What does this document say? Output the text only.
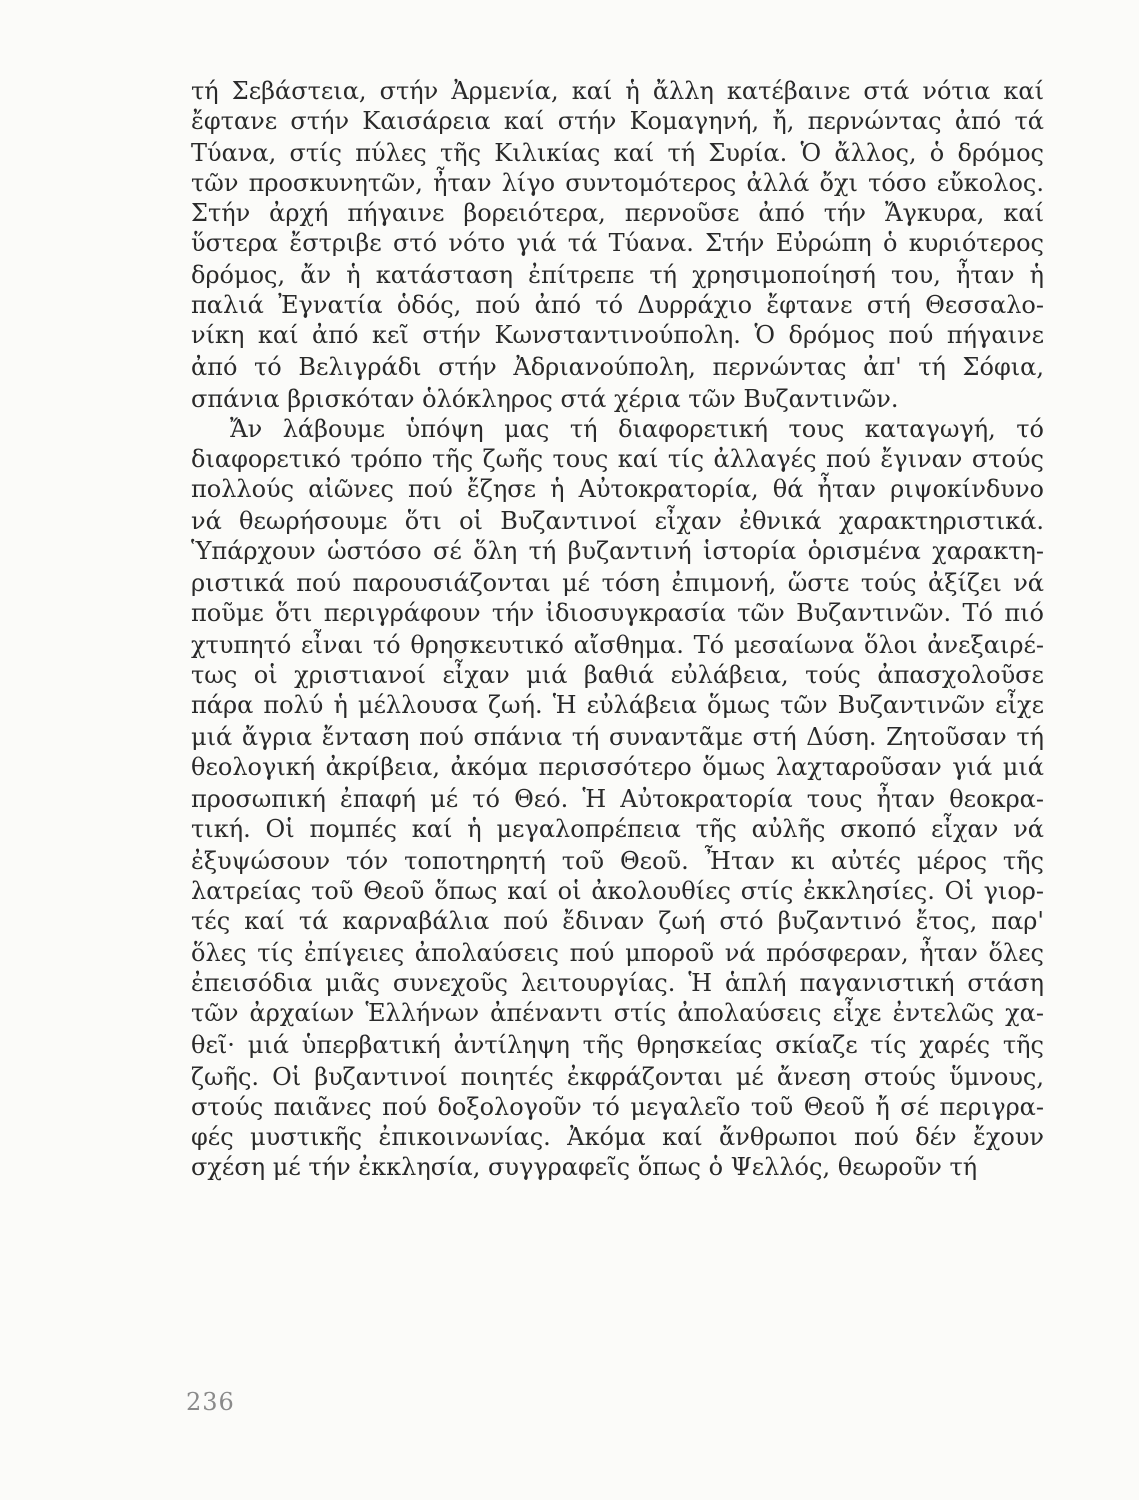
τή Σεβάστεια, στήν Ἀρμενία, καί ἡ ἄλλη κατέβαινε στά νότια καί
ἔφτανε στήν Καισάρεια καί στήν Κομαγηνή, ἤ, περνώντας ἀπό τά
Τύανα, στίς πύλες τῆς Κιλικίας καί τή Συρία. Ὁ ἄλλος, ὁ δρόμος
τῶν προσκυνητῶν, ἦταν λίγο συντομότερος ἀλλά ὄχι τόσο εὔκολος.
Στήν ἀρχή πήγαινε βορειότερα, περνοῦσε ἀπό τήν Ἄγκυρα, καί
ὕστερα ἔστριβε στό νότο γιά τά Τύανα. Στήν Εὐρώπη ὁ κυριότερος
δρόμος, ἄν ἡ κατάσταση ἐπίτρεπε τή χρησιμοποίησή του, ἦταν ἡ
παλιά Ἐγνατία ὁδός, πού ἀπό τό Δυρράχιο ἔφτανε στή Θεσσαλο-
νίκη καί ἀπό κεῖ στήν Κωνσταντινούπολη. Ὁ δρόμος πού πήγαινε
ἀπό τό Βελιγράδι στήν Ἀδριανούπολη, περνώντας ἀπ' τή Σόφια,
σπάνια βρισκόταν ὁλόκληρος στά χέρια τῶν Βυζαντινῶν.
Ἄν λάβουμε ὑπόψη μας τή διαφορετική τους καταγωγή, τό
διαφορετικό τρόπο τῆς ζωῆς τους καί τίς ἀλλαγές πού ἔγιναν στούς
πολλούς αἰῶνες πού ἔζησε ἡ Αὐτοκρατορία, θά ἦταν ριψοκίνδυνο
νά θεωρήσουμε ὅτι οἱ Βυζαντινοί εἶχαν ἐθνικά χαρακτηριστικά.
Ὑπάρχουν ὡστόσο σέ ὅλη τή βυζαντινή ἱστορία ὁρισμένα χαρακτη-
ριστικά πού παρουσιάζονται μέ τόση ἐπιμονή, ὥστε τούς ἀξίζει νά
ποῦμε ὅτι περιγράφουν τήν ἰδιοσυγκρασία τῶν Βυζαντινῶν. Τό πιό
χτυπητό εἶναι τό θρησκευτικό αἴσθημα. Τό μεσαίωνα ὅλοι ἀνεξαιρέ-
τως οἱ χριστιανοί εἶχαν μιά βαθιά εὐλάβεια, τούς ἀπασχολοῦσε
πάρα πολύ ἡ μέλλουσα ζωή. Ἡ εὐλάβεια ὅμως τῶν Βυζαντινῶν εἶχε
μιά ἄγρια ἔνταση πού σπάνια τή συναντᾶμε στή Δύση. Ζητοῦσαν τή
θεολογική ἀκρίβεια, ἀκόμα περισσότερο ὅμως λαχταροῦσαν γιά μιά
προσωπική ἐπαφή μέ τό Θεό. Ἡ Αὐτοκρατορία τους ἦταν θεοκρα-
τική. Οἱ πομπές καί ἡ μεγαλοπρέπεια τῆς αὐλῆς σκοπό εἶχαν νά
ἐξυψώσουν τόν τοποτηρητή τοῦ Θεοῦ. Ἦταν κι αὐτές μέρος τῆς
λατρείας τοῦ Θεοῦ ὅπως καί οἱ ἀκολουθίες στίς ἐκκλησίες. Οἱ γιορ-
τές καί τά καρναβάλια πού ἔδιναν ζωή στό βυζαντινό ἔτος, παρ'
ὅλες τίς ἐπίγειες ἀπολαύσεις πού μποροῦ νά πρόσφεραν, ἦταν ὅλες
ἐπεισόδια μιᾶς συνεχοῦς λειτουργίας. Ἡ ἁπλή παγανιστική στάση
τῶν ἀρχαίων Ἑλλήνων ἀπέναντι στίς ἀπολαύσεις εἶχε ἐντελῶς χα-
θεῖ· μιά ὑπερβατική ἀντίληψη τῆς θρησκείας σκίαζε τίς χαρές τῆς
ζωῆς. Οἱ βυζαντινοί ποιητές ἐκφράζονται μέ ἄνεση στούς ὕμνους,
στούς παιᾶνες πού δοξολογοῦν τό μεγαλεῖο τοῦ Θεοῦ ἤ σέ περιγρα-
φές μυστικῆς ἐπικοινωνίας. Ἀκόμα καί ἄνθρωποι πού δέν ἔχουν
σχέση μέ τήν ἐκκλησία, συγγραφεῖς ὅπως ὁ Ψελλός, θεωροῦν τή
236
